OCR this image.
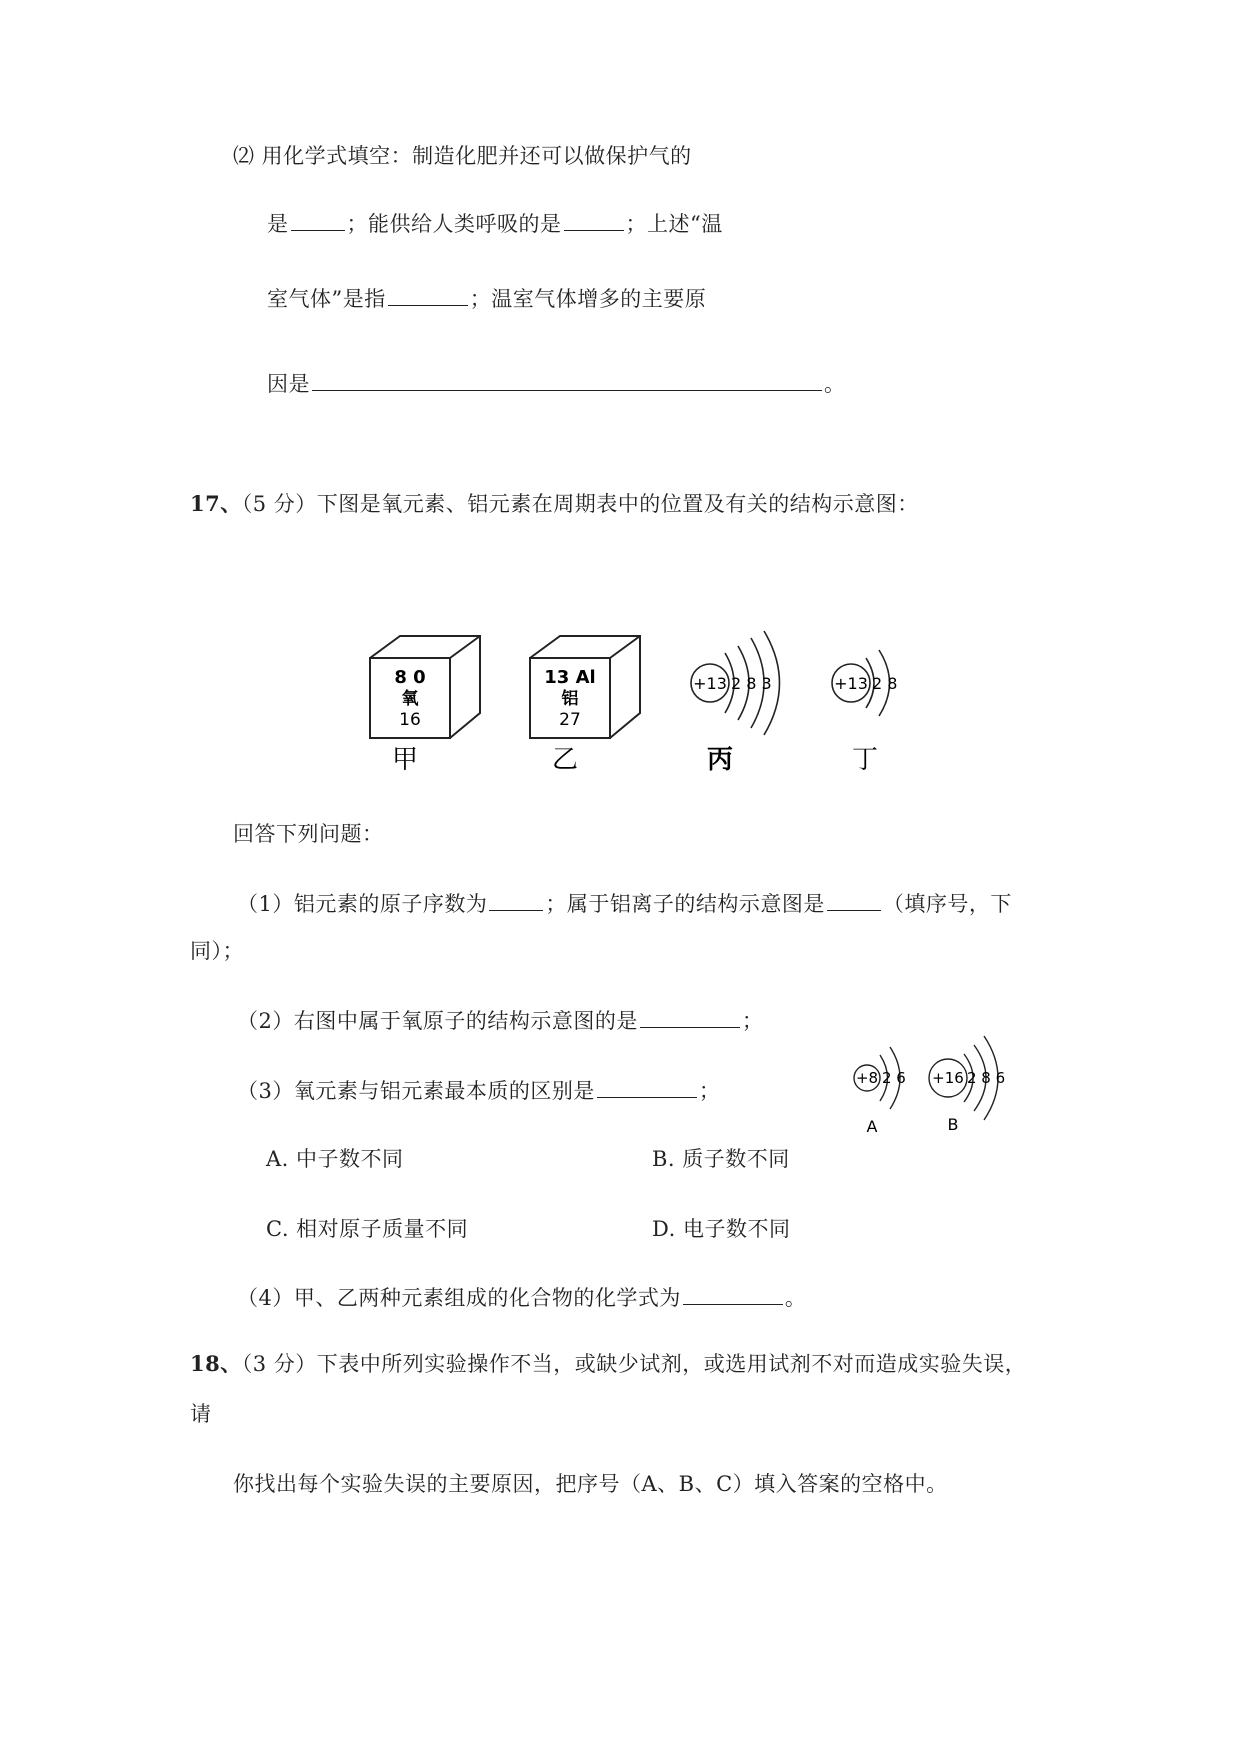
⑵ 用化学式填空：制造化肥并还可以做保护气的
是	；能供给人类呼吸的是	；上述“温
室气体”是指	；温室气体增多的主要原
因是	。
17、（5 分）下图是氧元素、铝元素在周期表中的位置及有关的结构示意图：
8 0
氧
16
甲
13 Al
铝
27
乙
+13 2 8 3
丙
+13 2 8
丁
回答下列问题：
（1）铝元素的原子序数为	；属于铝离子的结构示意图是	（填序号，下
同）；
（2）右图中属于氧原子的结构示意图的是	；
（3）氧元素与铝元素最本质的区别是	；
+8 2 6
A
+16 2 8 6
B
A. 中子数不同	B. 质子数不同
C. 相对原子质量不同	D. 电子数不同
（4）甲、乙两种元素组成的化合物的化学式为	。
18、（3 分）下表中所列实验操作不当，或缺少试剂，或选用试剂不对而造成实验失误，
请
你找出每个实验失误的主要原因，把序号（A、B、C）填入答案的空格中。
